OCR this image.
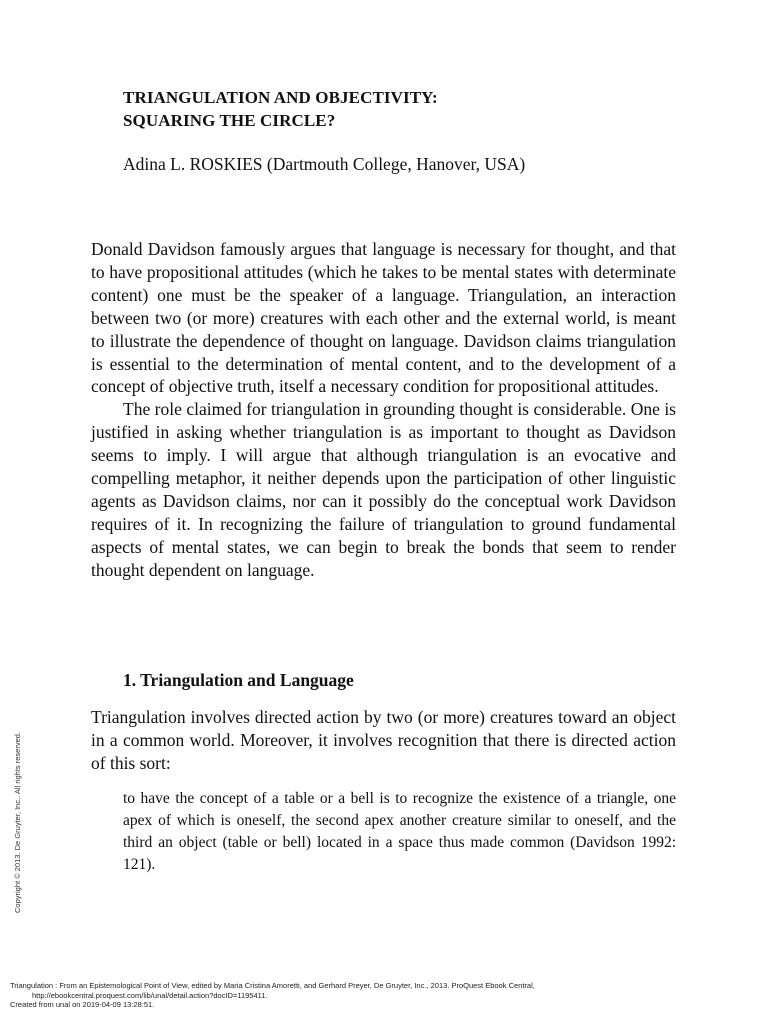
TRIANGULATION AND OBJECTIVITY:
SQUARING THE CIRCLE?

Adina L. ROSKIES (Dartmouth College, Hanover, USA)

Donald Davidson famously argues that language is necessary for thought, and that to have propositional attitudes (which he takes to be mental states with determinate content) one must be the speaker of a language. Triangulation, an interaction between two (or more) creatures with each other and the external world, is meant to illustrate the dependence of thought on language. Davidson claims triangulation is essential to the determination of mental content, and to the development of a concept of objective truth, itself a necessary condition for propositional attitudes.

The role claimed for triangulation in grounding thought is considerable. One is justified in asking whether triangulation is as important to thought as Davidson seems to imply. I will argue that although triangulation is an evocative and compelling metaphor, it neither depends upon the participation of other linguistic agents as Davidson claims, nor can it possibly do the conceptual work Davidson requires of it. In recognizing the failure of triangulation to ground fundamental aspects of mental states, we can begin to break the bonds that seem to render thought dependent on language.

1. Triangulation and Language

Triangulation involves directed action by two (or more) creatures toward an object in a common world. Moreover, it involves recognition that there is directed action of this sort:

to have the concept of a table or a bell is to recognize the existence of a triangle, one apex of which is oneself, the second apex another creature similar to oneself, and the third an object (table or bell) located in a space thus made common (Davidson 1992: 121).

Copyright © 2013. De Gruyter, Inc.. All rights reserved.
Triangulation : From an Epistemological Point of View, edited by Maria Cristina Amoretti, and Gerhard Preyer, De Gruyter, Inc., 2013. ProQuest Ebook Central,
http://ebookcentral.proquest.com/lib/unal/detail.action?docID=1195411.
Created from unal on 2019-04-09 13:28:51.
